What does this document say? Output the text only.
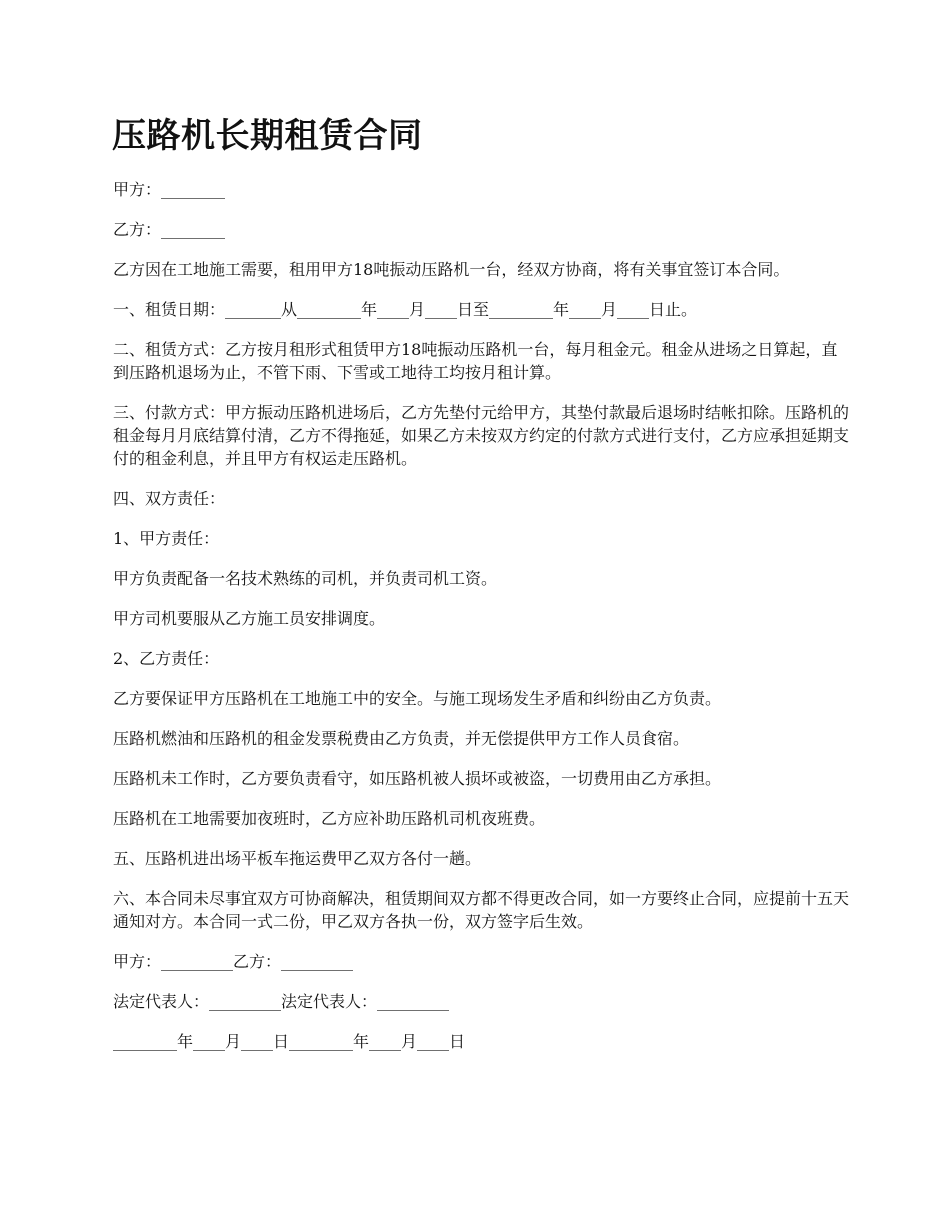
压路机长期租赁合同

甲方：________

乙方：________

乙方因在工地施工需要，租用甲方18吨振动压路机一台，经双方协商，将有关事宜签订本合同。

一、租赁日期：_______从________年____月____日至________年____月____日止。

二、租赁方式：乙方按月租形式租赁甲方18吨振动压路机一台，每月租金元。租金从进场之日算起，直到压路机退场为止，不管下雨、下雪或工地待工均按月租计算。

三、付款方式：甲方振动压路机进场后，乙方先垫付元给甲方，其垫付款最后退场时结帐扣除。压路机的租金每月月底结算付清，乙方不得拖延，如果乙方未按双方约定的付款方式进行支付，乙方应承担延期支付的租金利息，并且甲方有权运走压路机。

四、双方责任：

1、甲方责任：

甲方负责配备一名技术熟练的司机，并负责司机工资。

甲方司机要服从乙方施工员安排调度。

2、乙方责任：

乙方要保证甲方压路机在工地施工中的安全。与施工现场发生矛盾和纠纷由乙方负责。

压路机燃油和压路机的租金发票税费由乙方负责，并无偿提供甲方工作人员食宿。

压路机未工作时，乙方要负责看守，如压路机被人损坏或被盗，一切费用由乙方承担。

压路机在工地需要加夜班时，乙方应补助压路机司机夜班费。

五、压路机进出场平板车拖运费甲乙双方各付一趟。

六、本合同未尽事宜双方可协商解决，租赁期间双方都不得更改合同，如一方要终止合同，应提前十五天通知对方。本合同一式二份，甲乙双方各执一份，双方签字后生效。

甲方：_________乙方：_________

法定代表人：_________法定代表人：_________

________年____月____日________年____月____日
